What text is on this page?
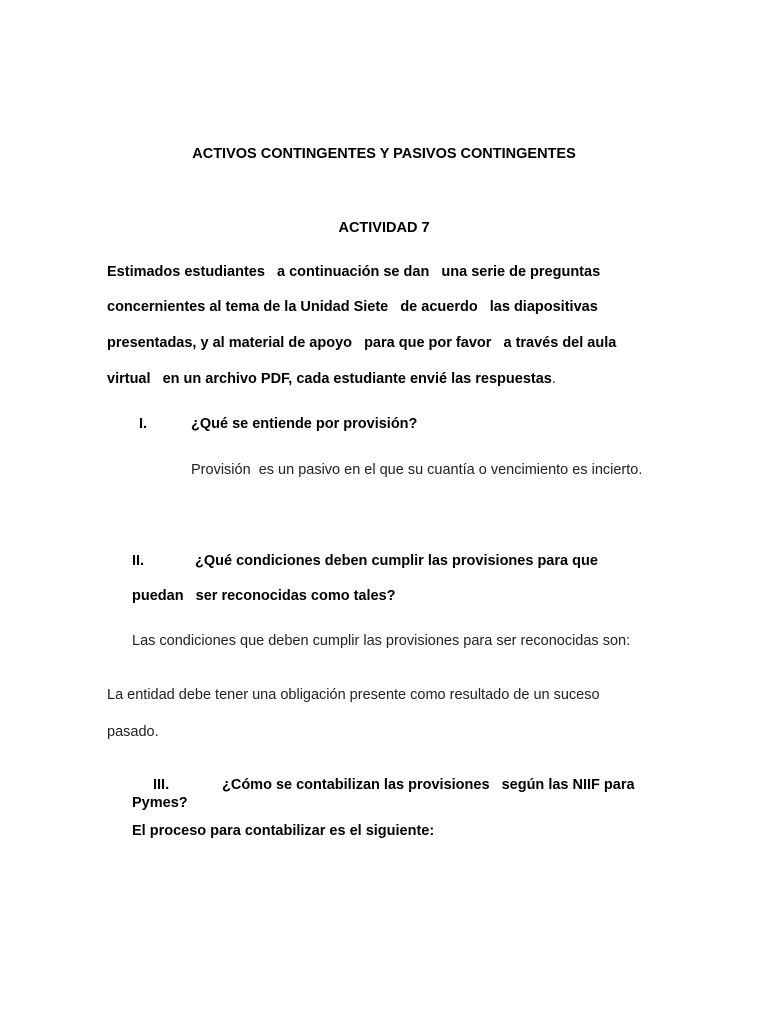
ACTIVOS CONTINGENTES Y PASIVOS CONTINGENTES
ACTIVIDAD 7
Estimados estudiantes   a continuación se dan   una serie de preguntas
concernientes al tema de la Unidad Siete   de acuerdo   las diapositivas
presentadas, y al material de apoyo   para que por favor   a través del aula
virtual   en un archivo PDF, cada estudiante envié las respuestas.
I.	¿Qué se entiende por provisión?
Provisión  es un pasivo en el que su cuantía o vencimiento es incierto.
II.	¿Qué condiciones deben cumplir las provisiones para que
puedan   ser reconocidas como tales?
Las condiciones que deben cumplir las provisiones para ser reconocidas son:
La entidad debe tener una obligación presente como resultado de un suceso
pasado.
III.	¿Cómo se contabilizan las provisiones   según las NIIF para
Pymes?
El proceso para contabilizar es el siguiente:
